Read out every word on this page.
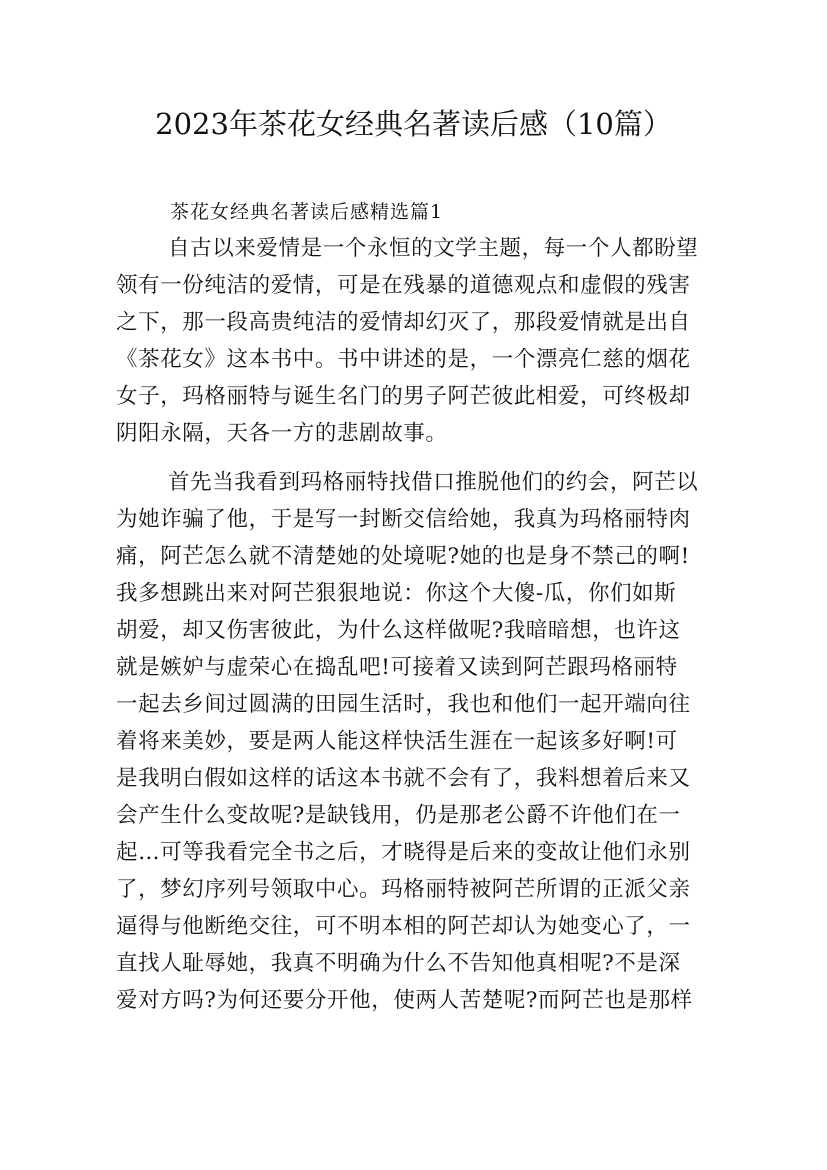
2023年茶花女经典名著读后感（10篇）
茶花女经典名著读后感精选篇1
自古以来爱情是一个永恒的文学主题，每一个人都盼望
领有一份纯洁的爱情，可是在残暴的道德观点和虚假的残害
之下，那一段高贵纯洁的爱情却幻灭了，那段爱情就是出自
《茶花女》这本书中。书中讲述的是，一个漂亮仁慈的烟花
女子，玛格丽特与诞生名门的男子阿芒彼此相爱，可终极却
阴阳永隔，天各一方的悲剧故事。
首先当我看到玛格丽特找借口推脱他们的约会，阿芒以
为她诈骗了他，于是写一封断交信给她，我真为玛格丽特肉
痛，阿芒怎么就不清楚她的处境呢?她的也是身不禁己的啊!
我多想跳出来对阿芒狠狠地说：你这个大傻-瓜，你们如斯
胡爱，却又伤害彼此，为什么这样做呢?我暗暗想，也许这
就是嫉妒与虚荣心在捣乱吧!可接着又读到阿芒跟玛格丽特
一起去乡间过圆满的田园生活时，我也和他们一起开端向往
着将来美妙，要是两人能这样快活生涯在一起该多好啊!可
是我明白假如这样的话这本书就不会有了，我料想着后来又
会产生什么变故呢?是缺钱用，仍是那老公爵不许他们在一
起…可等我看完全书之后，才晓得是后来的变故让他们永别
了，梦幻序列号领取中心。玛格丽特被阿芒所谓的正派父亲
逼得与他断绝交往，可不明本相的阿芒却认为她变心了，一
直找人耻辱她，我真不明确为什么不告知他真相呢?不是深
爱对方吗?为何还要分开他，使两人苦楚呢?而阿芒也是那样
